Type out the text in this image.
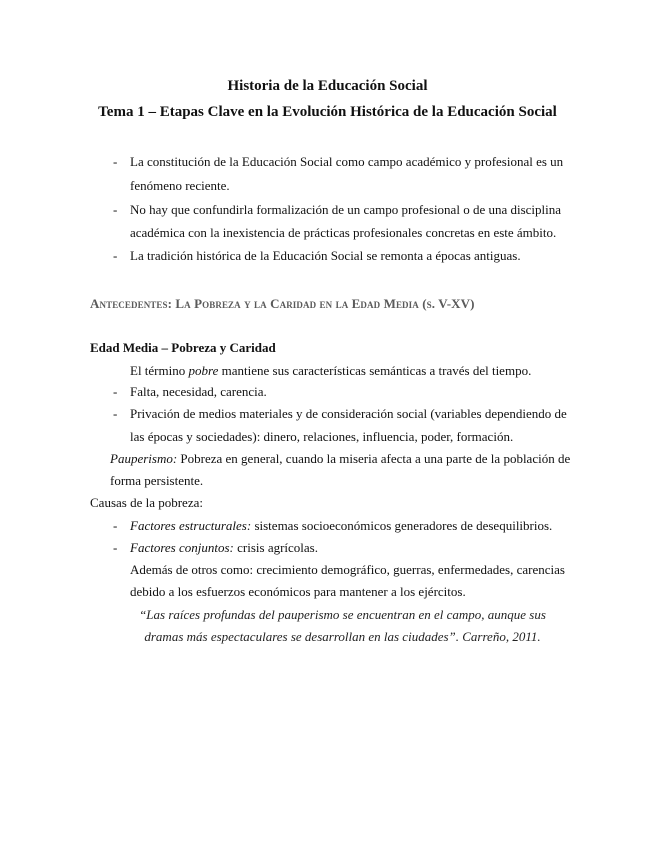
Historia de la Educación Social
Tema 1 – Etapas Clave en la Evolución Histórica de la Educación Social
- La constitución de la Educación Social como campo académico y profesional es un
fenómeno reciente.
- No hay que confundirla formalización de un campo profesional o de una disciplina
académica con la inexistencia de prácticas profesionales concretas en este ámbito.
- La tradición histórica de la Educación Social se remonta a épocas antiguas.
Antecedentes: La Pobreza y la Caridad en la Edad Media (s. V-XV)
Edad Media – Pobreza y Caridad
El término pobre mantiene sus características semánticas a través del tiempo.
- Falta, necesidad, carencia.
- Privación de medios materiales y de consideración social (variables dependiendo de
las épocas y sociedades): dinero, relaciones, influencia, poder, formación.
Pauperismo: Pobreza en general, cuando la miseria afecta a una parte de la población de
forma persistente.
Causas de la pobreza:
- Factores estructurales: sistemas socioeconómicos generadores de desequilibrios.
- Factores conjuntos: crisis agrícolas.
Además de otros como: crecimiento demográfico, guerras, enfermedades, carencias
debido a los esfuerzos económicos para mantener a los ejércitos.
“Las raíces profundas del pauperismo se encuentran en el campo, aunque sus
dramas más espectaculares se desarrollan en las ciudades”. Carreño, 2011.
